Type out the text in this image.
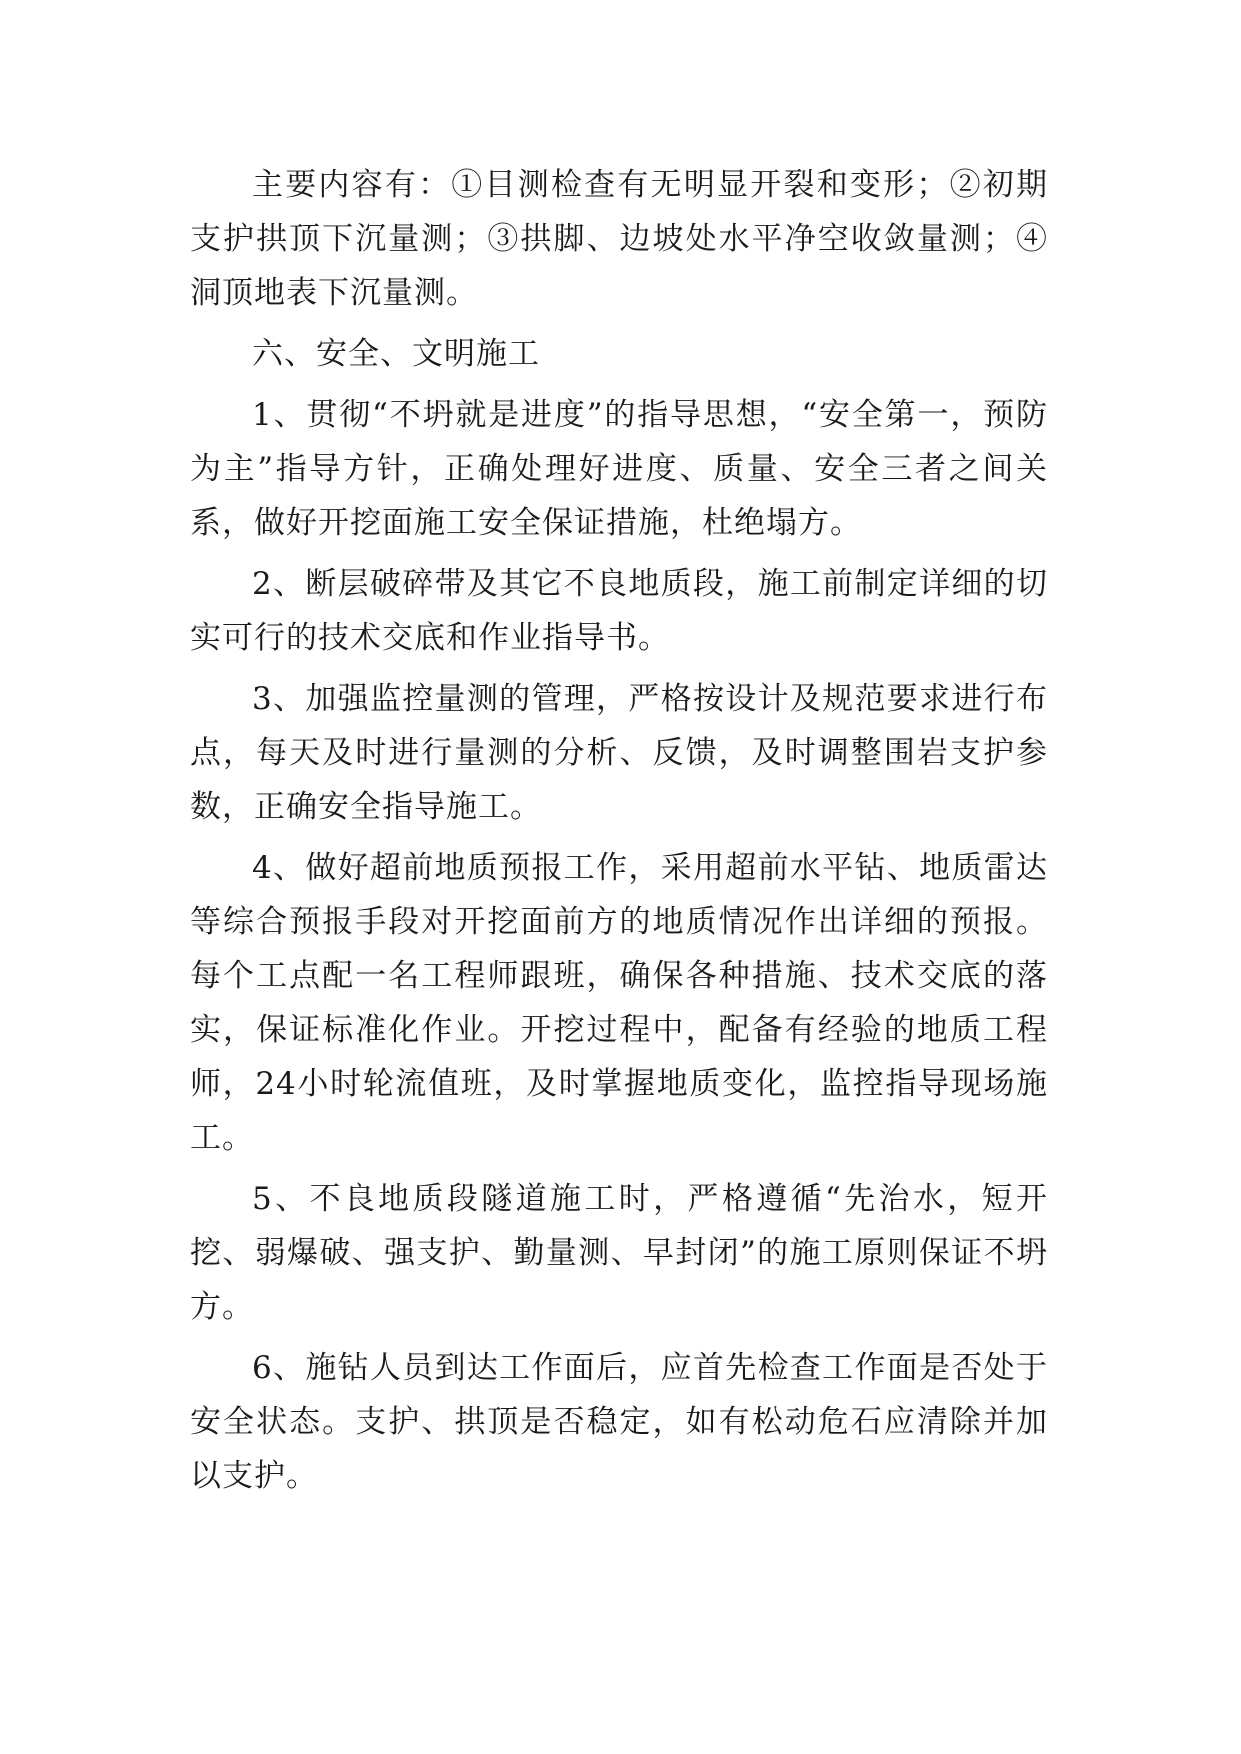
主要内容有：①目测检查有无明显开裂和变形；②初期支护拱顶下沉量测；③拱脚、边坡处水平净空收敛量测；④洞顶地表下沉量测。

六、安全、文明施工

1、贯彻“不坍就是进度”的指导思想，“安全第一，预防为主”指导方针，正确处理好进度、质量、安全三者之间关系，做好开挖面施工安全保证措施，杜绝塌方。

2、断层破碎带及其它不良地质段，施工前制定详细的切实可行的技术交底和作业指导书。

3、加强监控量测的管理，严格按设计及规范要求进行布点，每天及时进行量测的分析、反馈，及时调整围岩支护参数，正确安全指导施工。

4、做好超前地质预报工作，采用超前水平钻、地质雷达等综合预报手段对开挖面前方的地质情况作出详细的预报。每个工点配一名工程师跟班，确保各种措施、技术交底的落实，保证标准化作业。开挖过程中，配备有经验的地质工程师，24小时轮流值班，及时掌握地质变化，监控指导现场施工。

5、不良地质段隧道施工时，严格遵循“先治水，短开挖、弱爆破、强支护、勤量测、早封闭”的施工原则保证不坍方。

6、施钻人员到达工作面后，应首先检查工作面是否处于安全状态。支护、拱顶是否稳定，如有松动危石应清除并加以支护。
